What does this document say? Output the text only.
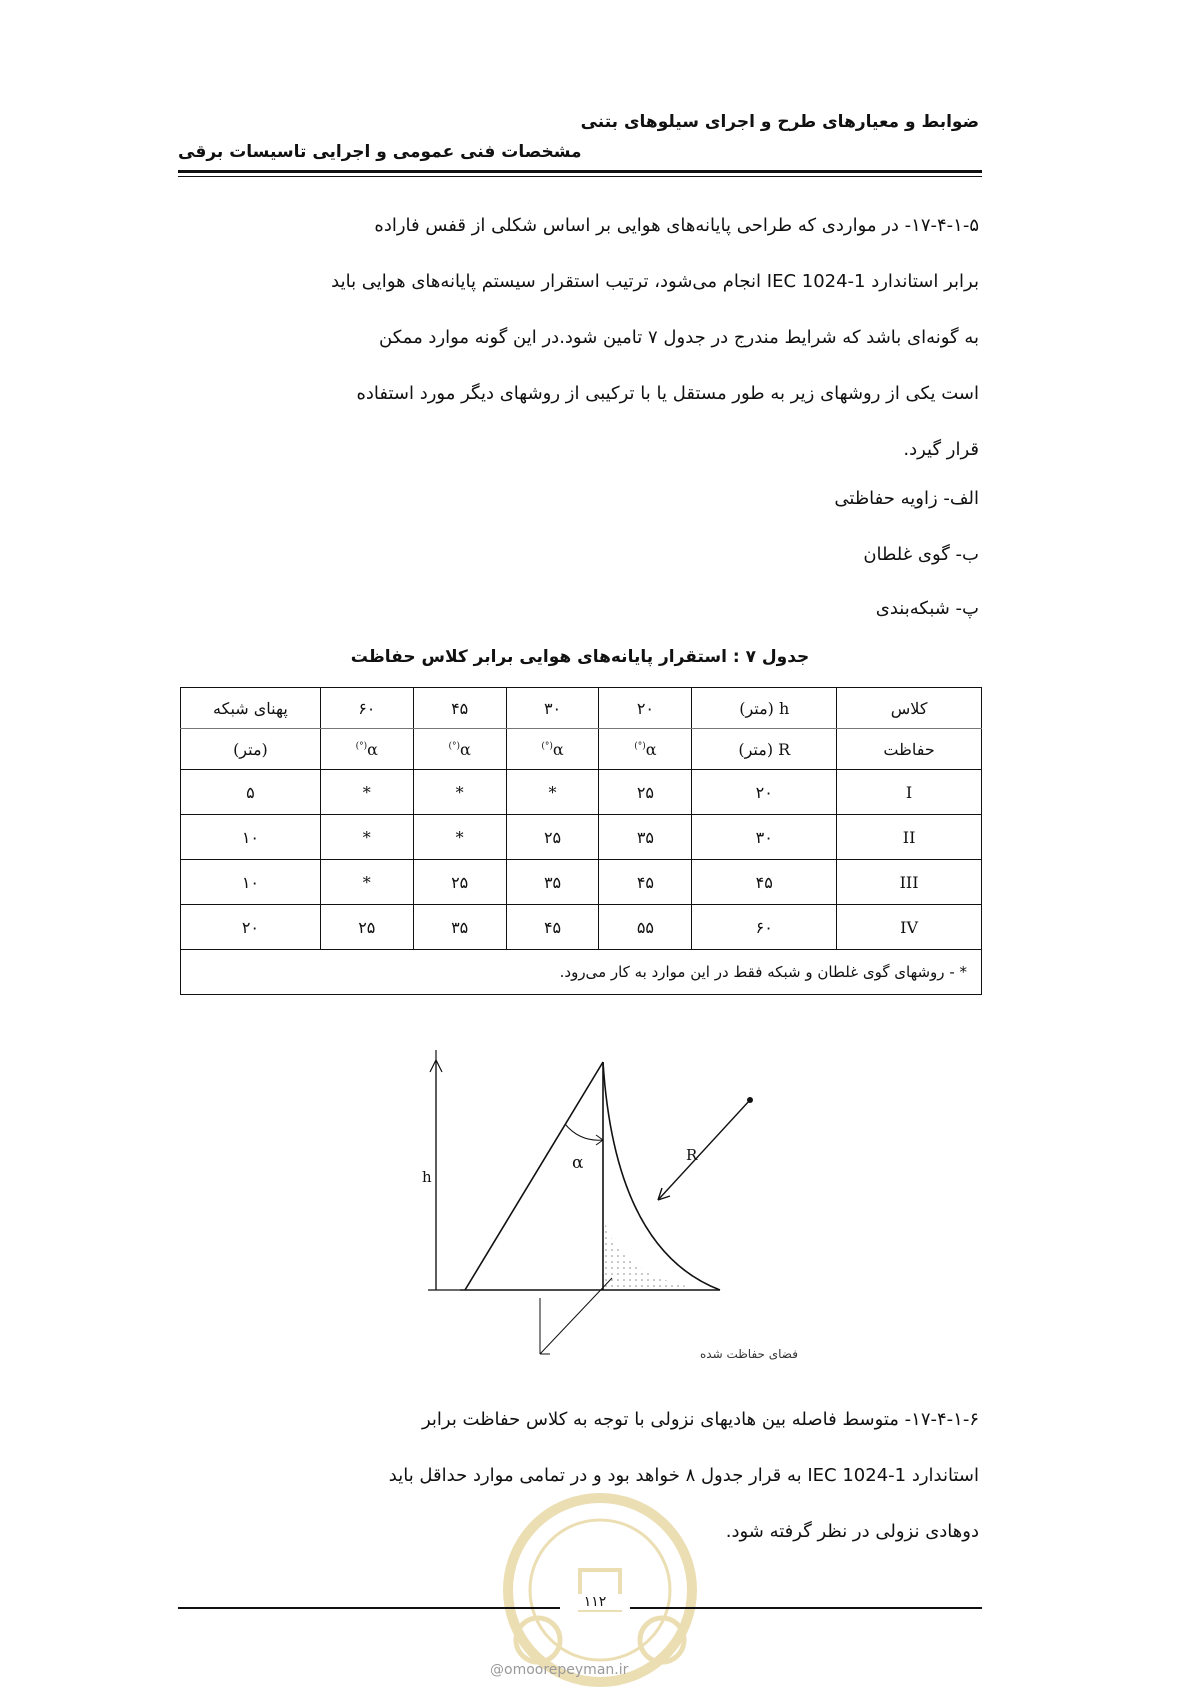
ضوابط و معیارهای طرح و اجرای سیلوهای بتنی
مشخصات فنی عمومی و اجرایی تاسیسات برقی

۱۷-۴-۱-۵- در مواردی که طراحی پایانه‌های هوایی بر اساس شکلی از قفس فاراده

برابر استاندارد IEC 1024-1 انجام می‌شود، ترتیب استقرار سیستم پایانه‌های هوایی باید

به گونه‌ای باشد که شرایط مندرج در جدول ۷ تامین شود.در این گونه موارد ممکن

است یکی از روشهای زیر به طور مستقل یا با ترکیبی از روشهای دیگر مورد استفاده

قرار گیرد.

الف- زاویه حفاظتی
ب- گوی غلطان
پ- شبکه‌بندی
جدول ۷ : استقرار پایانه‌های هوایی برابر کلاس حفاظت
کلاس	h (متر)	۲۰	۳۰	۴۵	۶۰	پهنای شبکه
حفاظت	R (متر)	α(°)	α(°)	α(°)	α(°)	(متر)
I	۲۰	۲۵	*	*	*	۵
II	۳۰	۳۵	۲۵	*	*	۱۰
III	۴۵	۴۵	۳۵	۲۵	*	۱۰
IV	۶۰	۵۵	۴۵	۳۵	۲۵	۲۰
* - روشهای گوی غلطان و شبکه فقط در این موارد به کار می‌رود.						
h
α	R
فضای حفاظت شده

۱۷-۴-۱-۶- متوسط فاصله بین هادیهای نزولی با توجه به کلاس حفاظت برابر

استاندارد IEC 1024-1 به قرار جدول ۸ خواهد بود و در تمامی موارد حداقل باید

دوهادی نزولی در نظر گرفته شود.

۱۱۲
@omoorepeyman.ir
